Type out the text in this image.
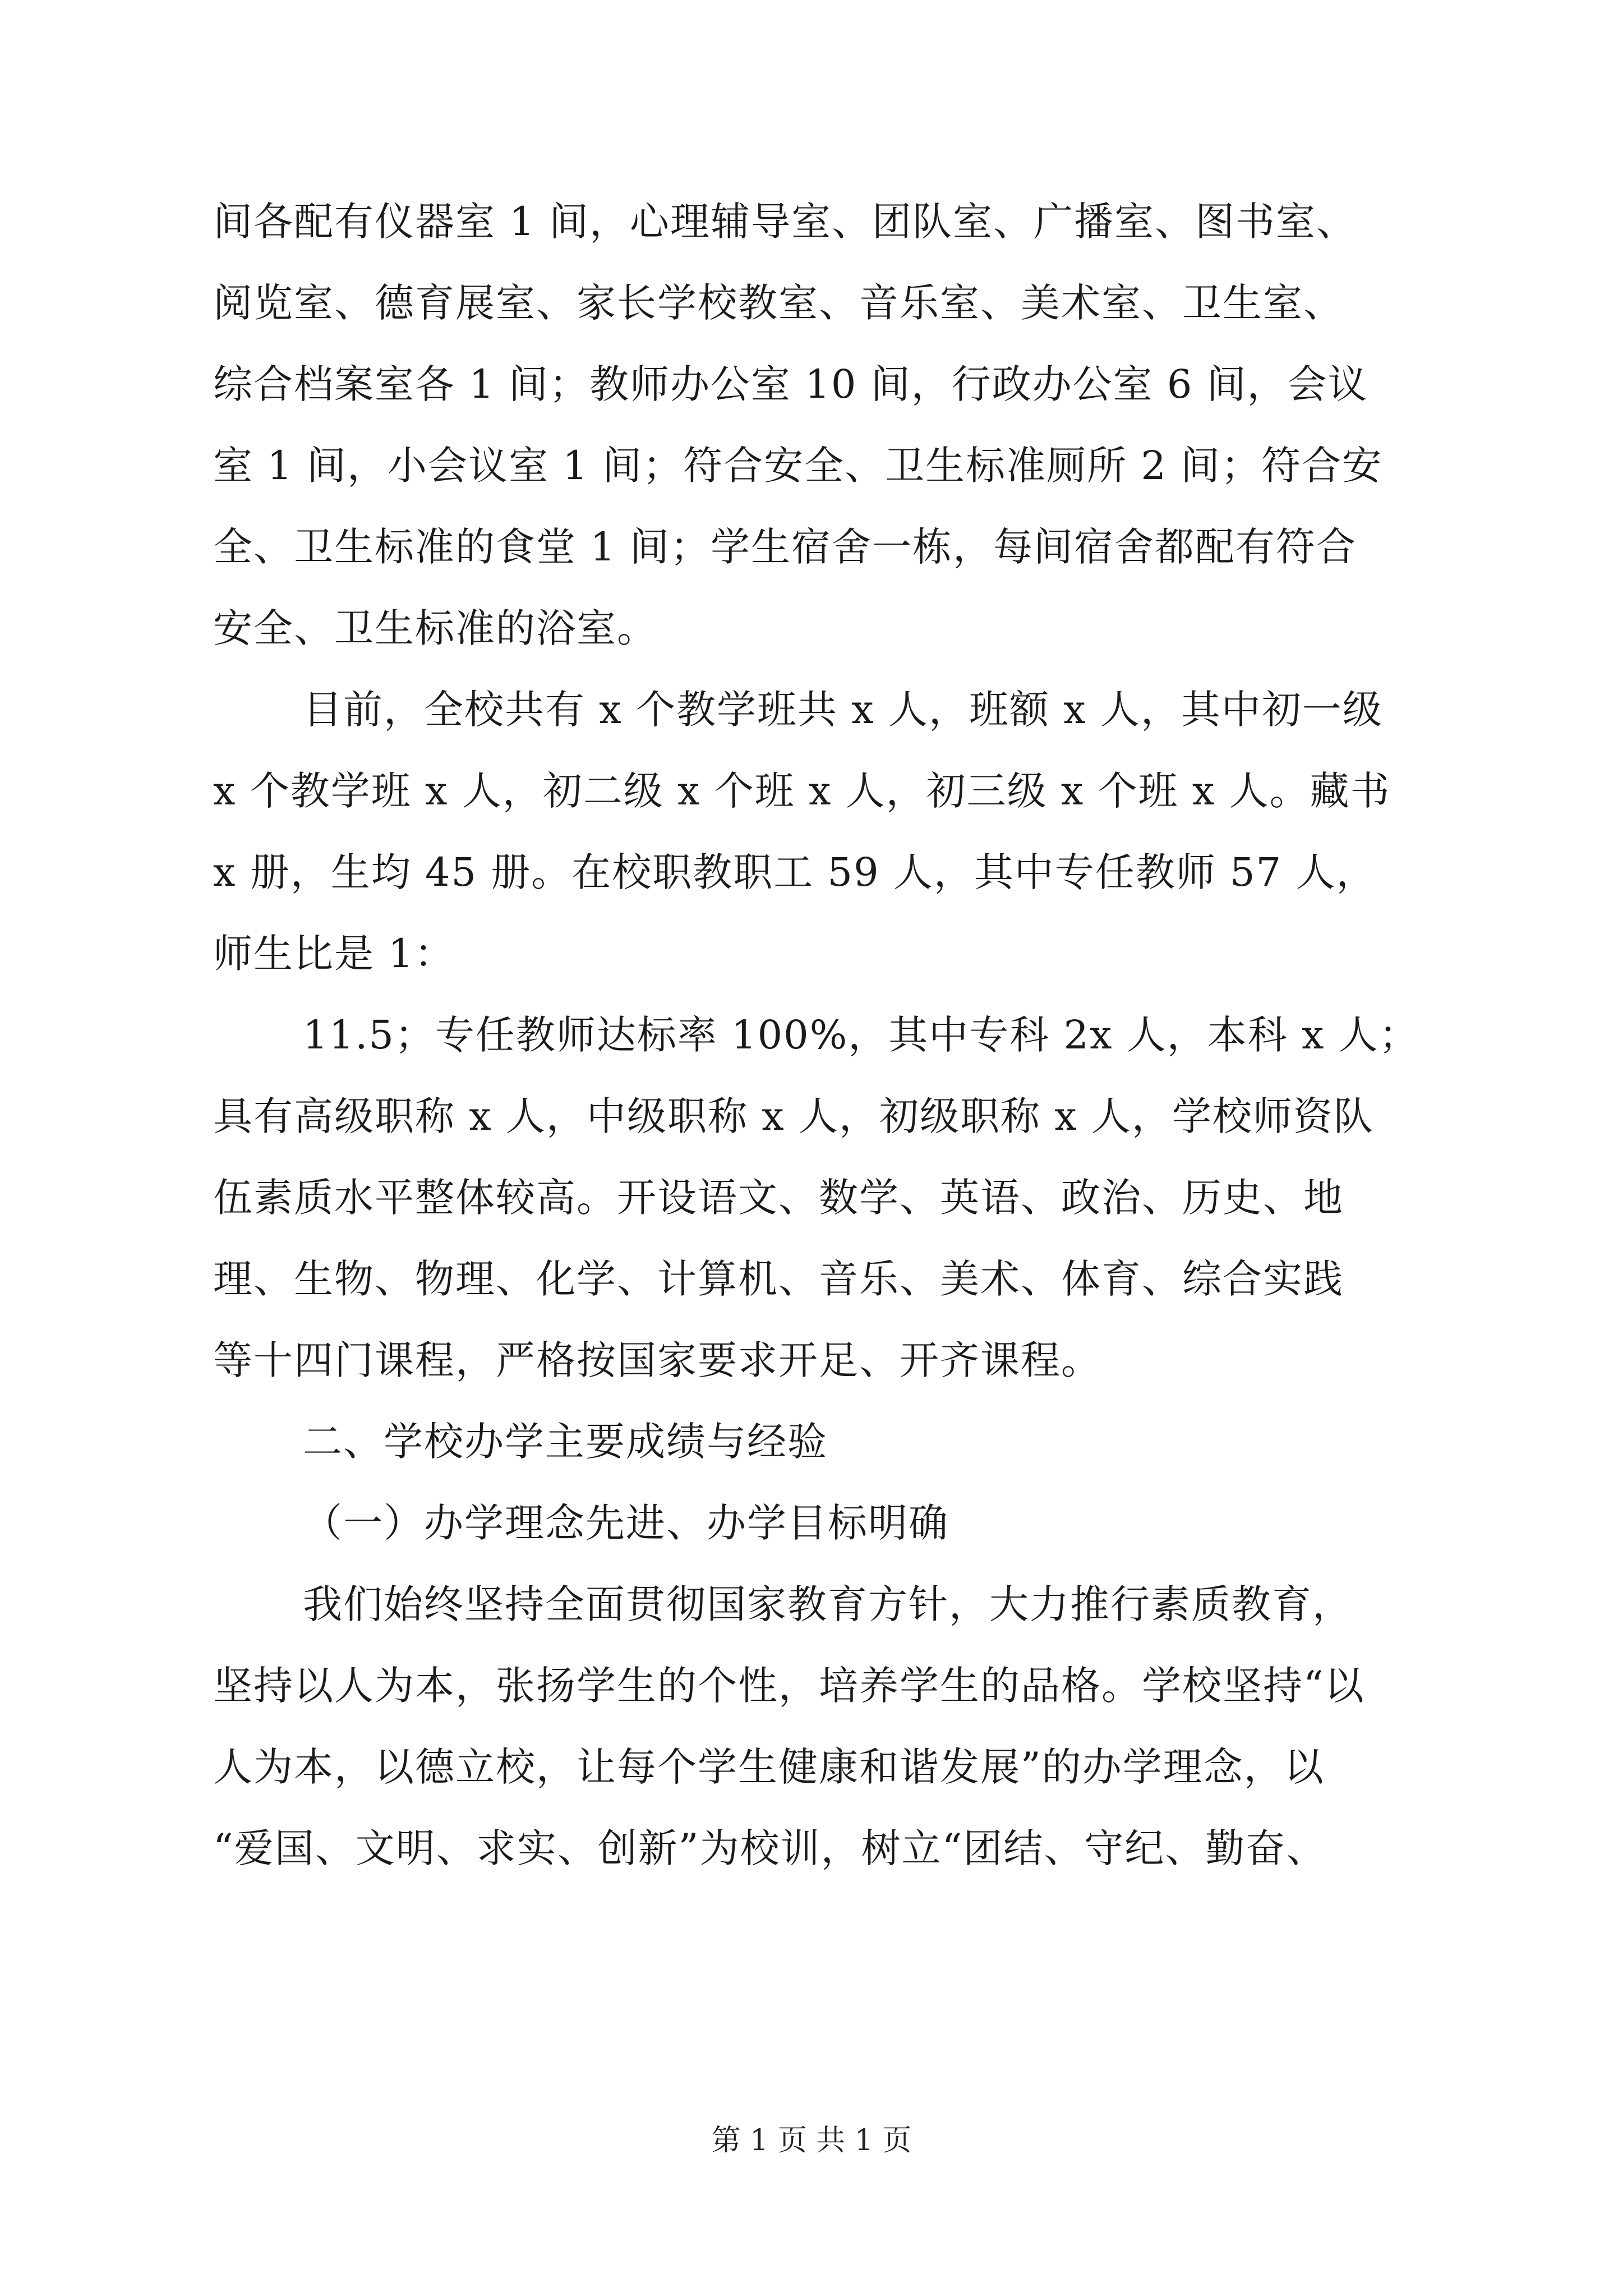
间各配有仪器室 1 间，心理辅导室、团队室、广播室、图书室、
阅览室、德育展室、家长学校教室、音乐室、美术室、卫生室、
综合档案室各 1 间；教师办公室 10 间，行政办公室 6 间，会议
室 1 间，小会议室 1 间；符合安全、卫生标准厕所 2 间；符合安
全、卫生标准的食堂 1 间；学生宿舍一栋，每间宿舍都配有符合
安全、卫生标准的浴室。
目前，全校共有 x 个教学班共 x 人，班额 x 人，其中初一级
x 个教学班 x 人，初二级 x 个班 x 人，初三级 x 个班 x 人。藏书
x 册，生均 45 册。在校职教职工 59 人，其中专任教师 57 人，
师生比是 1：
11.5；专任教师达标率 100%，其中专科 2x 人，本科 x 人；
具有高级职称 x 人，中级职称 x 人，初级职称 x 人，学校师资队
伍素质水平整体较高。开设语文、数学、英语、政治、历史、地
理、生物、物理、化学、计算机、音乐、美术、体育、综合实践
等十四门课程，严格按国家要求开足、开齐课程。
二、学校办学主要成绩与经验
（一）办学理念先进、办学目标明确
我们始终坚持全面贯彻国家教育方针，大力推行素质教育，
坚持以人为本，张扬学生的个性，培养学生的品格。学校坚持“以
人为本，以德立校，让每个学生健康和谐发展”的办学理念，以
“爱国、文明、求实、创新”为校训，树立“团结、守纪、勤奋、
第 1 页 共 1 页
